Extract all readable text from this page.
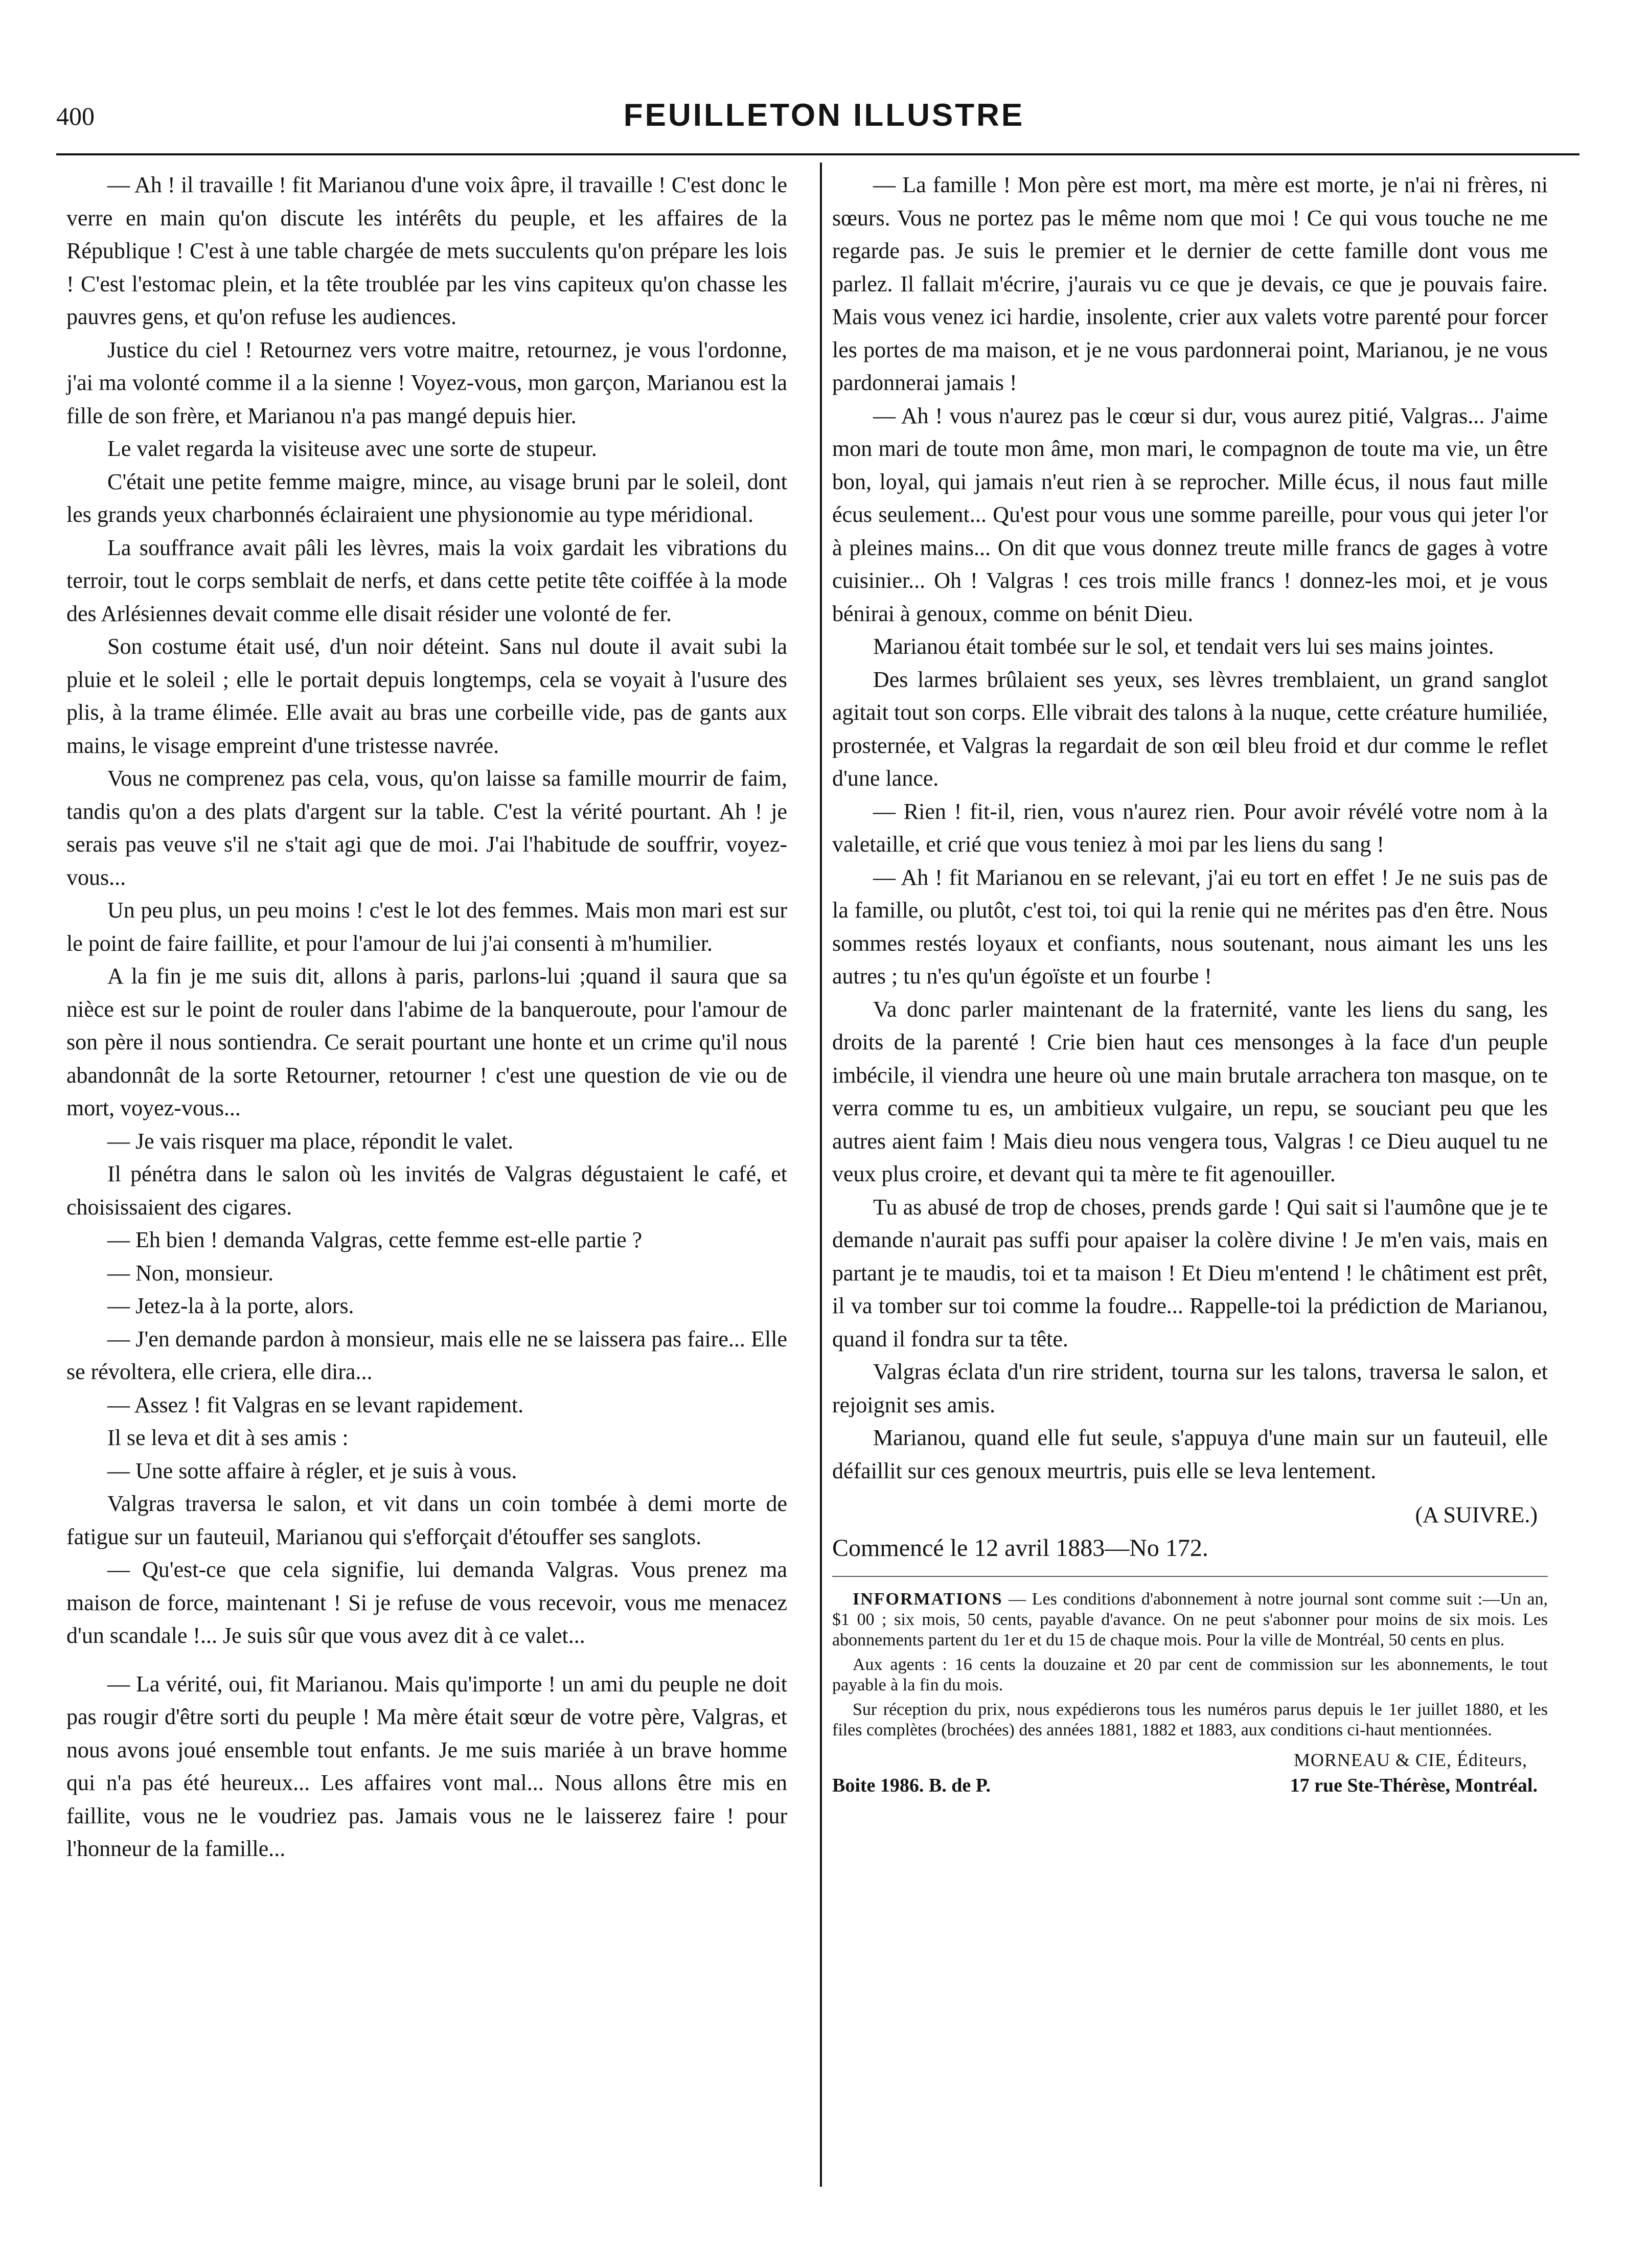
400	FEUILLETON ILLUSTRE

— Ah ! il travaille ! fit Marianou d'une voix âpre, il travaille ! C'est donc le verre en main qu'on discute les intérêts du peuple, et les affaires de la République ! C'est à une table chargée de mets succulents qu'on prépare les lois ! C'est l'estomac plein, et la tête troublée par les vins capiteux qu'on chasse les pauvres gens, et qu'on refuse les audiences.

Justice du ciel ! Retournez vers votre maitre, retournez, je vous l'ordonne, j'ai ma volonté comme il a la sienne ! Voyez-vous, mon garçon, Marianou est la fille de son frère, et Marianou n'a pas mangé depuis hier.

Le valet regarda la visiteuse avec une sorte de stupeur.

C'était une petite femme maigre, mince, au visage bruni par le soleil, dont les grands yeux charbonnés éclairaient une physionomie au type méridional.

La souffrance avait pâli les lèvres, mais la voix gardait les vibrations du terroir, tout le corps semblait de nerfs, et dans cette petite tête coiffée à la mode des Arlésiennes devait comme elle disait résider une volonté de fer.

Son costume était usé, d'un noir déteint. Sans nul doute il avait subi la pluie et le soleil ; elle le portait depuis longtemps, cela se voyait à l'usure des plis, à la trame élimée. Elle avait au bras une corbeille vide, pas de gants aux mains, le visage empreint d'une tristesse navrée.

Vous ne comprenez pas cela, vous, qu'on laisse sa famille mourrir de faim, tandis qu'on a des plats d'argent sur la table. C'est la vérité pourtant. Ah ! je serais pas veuve s'il ne s'tait agi que de moi. J'ai l'habitude de souffrir, voyez-vous...

Un peu plus, un peu moins ! c'est le lot des femmes. Mais mon mari est sur le point de faire faillite, et pour l'amour de lui j'ai consenti à m'humilier.

A la fin je me suis dit, allons à paris, parlons-lui ;quand il saura que sa nièce est sur le point de rouler dans l'abime de la banqueroute, pour l'amour de son père il nous sontiendra. Ce serait pourtant une honte et un crime qu'il nous abandonnât de la sorte Retourner, retourner ! c'est une question de vie ou de mort, voyez-vous...

— Je vais risquer ma place, répondit le valet.

Il pénétra dans le salon où les invités de Valgras dégustaient le café, et choisissaient des cigares.

— Eh bien ! demanda Valgras, cette femme est-elle partie ?

— Non, monsieur.

— Jetez-la à la porte, alors.

— J'en demande pardon à monsieur, mais elle ne se laissera pas faire... Elle se révoltera, elle criera, elle dira...

— Assez ! fit Valgras en se levant rapidement.

Il se leva et dit à ses amis :

— Une sotte affaire à régler, et je suis à vous.

Valgras traversa le salon, et vit dans un coin tombée à demi morte de fatigue sur un fauteuil, Marianou qui s'efforçait d'étouffer ses sanglots.

— Qu'est-ce que cela signifie, lui demanda Valgras. Vous prenez ma maison de force, maintenant ! Si je refuse de vous recevoir, vous me menacez d'un scandale !... Je suis sûr que vous avez dit à ce valet...

— La vérité, oui, fit Marianou. Mais qu'importe ! un ami du peuple ne doit pas rougir d'être sorti du peuple ! Ma mère était sœur de votre père, Valgras, et nous avons joué ensemble tout enfants. Je me suis mariée à un brave homme qui n'a pas été heureux... Les affaires vont mal... Nous allons être mis en faillite, vous ne le voudriez pas. Jamais vous ne le laisserez faire ! pour l'honneur de la famille...

— La famille ! Mon père est mort, ma mère est morte, je n'ai ni frères, ni sœurs. Vous ne portez pas le même nom que moi ! Ce qui vous touche ne me regarde pas. Je suis le premier et le dernier de cette famille dont vous me parlez. Il fallait m'écrire, j'aurais vu ce que je devais, ce que je pouvais faire. Mais vous venez ici hardie, insolente, crier aux valets votre parenté pour forcer les portes de ma maison, et je ne vous pardonnerai point, Marianou, je ne vous pardonnerai jamais !

— Ah ! vous n'aurez pas le cœur si dur, vous aurez pitié, Valgras... J'aime mon mari de toute mon âme, mon mari, le compagnon de toute ma vie, un être bon, loyal, qui jamais n'eut rien à se reprocher. Mille écus, il nous faut mille écus seulement... Qu'est pour vous une somme pareille, pour vous qui jeter l'or à pleines mains... On dit que vous donnez treute mille francs de gages à votre cuisinier... Oh ! Valgras ! ces trois mille francs ! donnez-les moi, et je vous bénirai à genoux, comme on bénit Dieu.

Marianou était tombée sur le sol, et tendait vers lui ses mains jointes.

Des larmes brûlaient ses yeux, ses lèvres tremblaient, un grand sanglot agitait tout son corps. Elle vibrait des talons à la nuque, cette créature humiliée, prosternée, et Valgras la regardait de son œil bleu froid et dur comme le reflet d'une lance.

— Rien ! fit-il, rien, vous n'aurez rien. Pour avoir révélé votre nom à la valetaille, et crié que vous teniez à moi par les liens du sang !

— Ah ! fit Marianou en se relevant, j'ai eu tort en effet ! Je ne suis pas de la famille, ou plutôt, c'est toi, toi qui la renie qui ne mérites pas d'en être. Nous sommes restés loyaux et confiants, nous soutenant, nous aimant les uns les autres ; tu n'es qu'un égoïste et un fourbe !

Va donc parler maintenant de la fraternité, vante les liens du sang, les droits de la parenté ! Crie bien haut ces mensonges à la face d'un peuple imbécile, il viendra une heure où une main brutale arrachera ton masque, on te verra comme tu es, un ambitieux vulgaire, un repu, se souciant peu que les autres aient faim ! Mais dieu nous vengera tous, Valgras ! ce Dieu auquel tu ne veux plus croire, et devant qui ta mère te fit agenouiller.

Tu as abusé de trop de choses, prends garde ! Qui sait si l'aumône que je te demande n'aurait pas suffi pour apaiser la colère divine ! Je m'en vais, mais en partant je te maudis, toi et ta maison ! Et Dieu m'entend ! le châtiment est prêt, il va tomber sur toi comme la foudre... Rappelle-toi la prédiction de Marianou, quand il fondra sur ta tête.

Valgras éclata d'un rire strident, tourna sur les talons, traversa le salon, et rejoignit ses amis.

Marianou, quand elle fut seule, s'appuya d'une main sur un fauteuil, elle défaillit sur ces genoux meurtris, puis elle se leva lentement.

(A SUIVRE.)

Commencé le 12 avril 1883—No 172.

INFORMATIONS — Les conditions d'abonnement à notre journal sont comme suit :—Un an, $1 00 ; six mois, 50 cents, payable d'avance. On ne peut s'abonner pour moins de six mois. Les abonnements partent du 1er et du 15 de chaque mois. Pour la ville de Montréal, 50 cents en plus.

Aux agents : 16 cents la douzaine et 20 par cent de commission sur les abonnements, le tout payable à la fin du mois.

Sur réception du prix, nous expédierons tous les numéros parus depuis le 1er juillet 1880, et les files complètes (brochées) des années 1881, 1882 et 1883, aux conditions ci-haut mentionnées.

MORNEAU & CIE, Éditeurs,
Boite 1986. B. de P.	17 rue Ste-Thérèse, Montréal.
